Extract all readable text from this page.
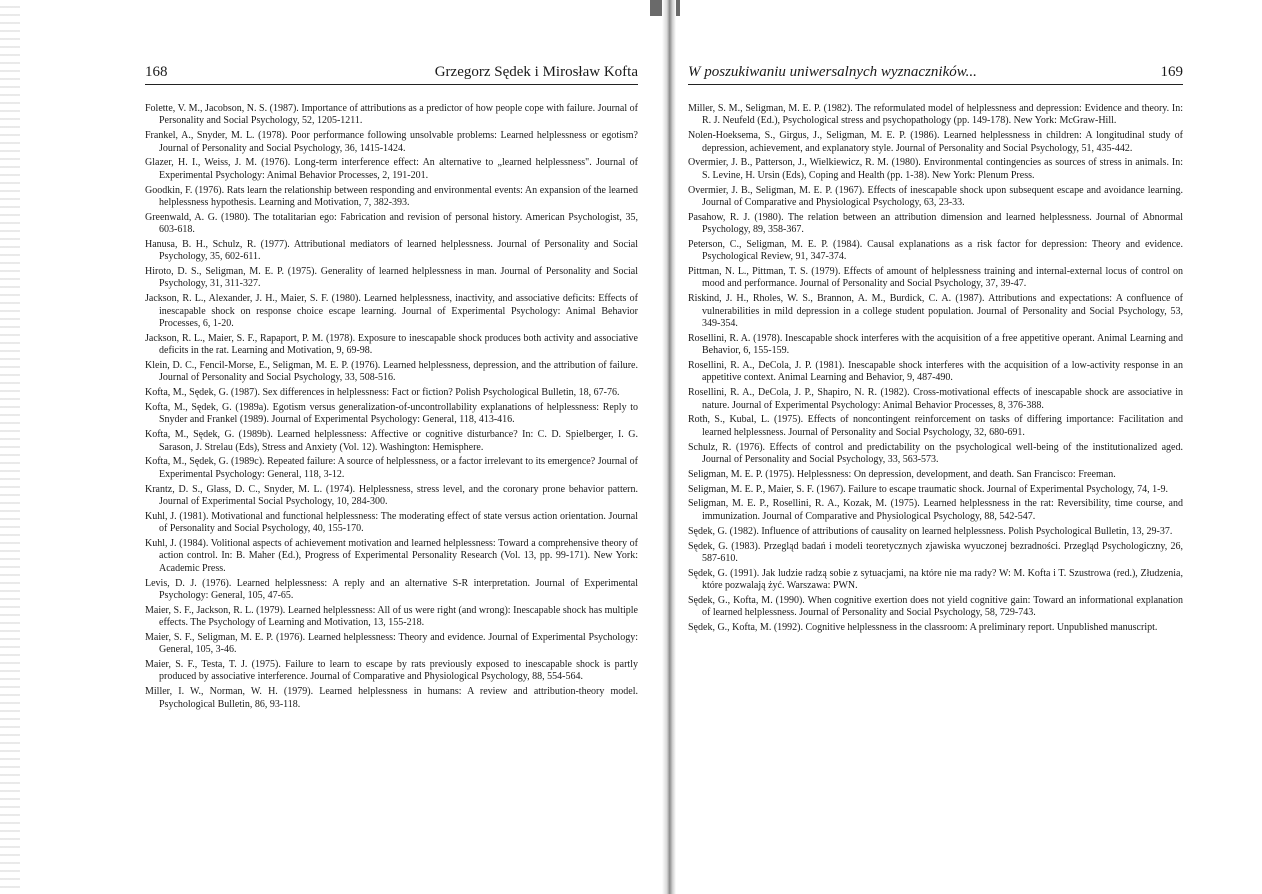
168	Grzegorz Sędek i Mirosław Kofta

Folette, V. M., Jacobson, N. S. (1987). Importance of attributions as a predictor of how people cope with failure. Journal of Personality and Social Psychology, 52, 1205-1211.

Frankel, A., Snyder, M. L. (1978). Poor performance following unsolvable problems: Learned helplessness or egotism? Journal of Personality and Social Psychology, 36, 1415-1424.

Glazer, H. I., Weiss, J. M. (1976). Long-term interference effect: An alternative to „learned helplessness". Journal of Experimental Psychology: Animal Behavior Processes, 2, 191-201.

Goodkin, F. (1976). Rats learn the relationship between responding and environmental events: An expansion of the learned helplessness hypothesis. Learning and Motivation, 7, 382-393.

Greenwald, A. G. (1980). The totalitarian ego: Fabrication and revision of personal history. American Psychologist, 35, 603-618.

Hanusa, B. H., Schulz, R. (1977). Attributional mediators of learned helplessness. Journal of Personality and Social Psychology, 35, 602-611.

Hiroto, D. S., Seligman, M. E. P. (1975). Generality of learned helplessness in man. Journal of Personality and Social Psychology, 31, 311-327.

Jackson, R. L., Alexander, J. H., Maier, S. F. (1980). Learned helplessness, inactivity, and associative deficits: Effects of inescapable shock on response choice escape learning. Journal of Experimental Psychology: Animal Behavior Processes, 6, 1-20.

Jackson, R. L., Maier, S. F., Rapaport, P. M. (1978). Exposure to inescapable shock produces both activity and associative deficits in the rat. Learning and Motivation, 9, 69-98.

Klein, D. C., Fencil-Morse, E., Seligman, M. E. P. (1976). Learned helplessness, depression, and the attribution of failure. Journal of Personality and Social Psychology, 33, 508-516.

Kofta, M., Sędek, G. (1987). Sex differences in helplessness: Fact or fiction? Polish Psychological Bulletin, 18, 67-76.

Kofta, M., Sędek, G. (1989a). Egotism versus generalization-of-uncontrollability explanations of helplessness: Reply to Snyder and Frankel (1989). Journal of Experimental Psychology: General, 118, 413-416.

Kofta, M., Sędek, G. (1989b). Learned helplessness: Affective or cognitive disturbance? In: C. D. Spielberger, I. G. Sarason, J. Strelau (Eds), Stress and Anxiety (Vol. 12). Washington: Hemisphere.

Kofta, M., Sędek, G. (1989c). Repeated failure: A source of helplessness, or a factor irrelevant to its emergence? Journal of Experimental Psychology: General, 118, 3-12.

Krantz, D. S., Glass, D. C., Snyder, M. L. (1974). Helplessness, stress level, and the coronary prone behavior pattern. Journal of Experimental Social Psychology, 10, 284-300.

Kuhl, J. (1981). Motivational and functional helplessness: The moderating effect of state versus action orientation. Journal of Personality and Social Psychology, 40, 155-170.

Kuhl, J. (1984). Volitional aspects of achievement motivation and learned helplessness: Toward a comprehensive theory of action control. In: B. Maher (Ed.), Progress of Experimental Personality Research (Vol. 13, pp. 99-171). New York: Academic Press.

Levis, D. J. (1976). Learned helplessness: A reply and an alternative S-R interpretation. Journal of Experimental Psychology: General, 105, 47-65.

Maier, S. F., Jackson, R. L. (1979). Learned helplessness: All of us were right (and wrong): Inescapable shock has multiple effects. The Psychology of Learning and Motivation, 13, 155-218.

Maier, S. F., Seligman, M. E. P. (1976). Learned helplessness: Theory and evidence. Journal of Experimental Psychology: General, 105, 3-46.

Maier, S. F., Testa, T. J. (1975). Failure to learn to escape by rats previously exposed to inescapable shock is partly produced by associative interference. Journal of Comparative and Physiological Psychology, 88, 554-564.

Miller, I. W., Norman, W. H. (1979). Learned helplessness in humans: A review and attribution-theory model. Psychological Bulletin, 86, 93-118.

W poszukiwaniu uniwersalnych wyznaczników...	169

Miller, S. M., Seligman, M. E. P. (1982). The reformulated model of helplessness and depression: Evidence and theory. In: R. J. Neufeld (Ed.), Psychological stress and psychopathology (pp. 149-178). New York: McGraw-Hill.

Nolen-Hoeksema, S., Girgus, J., Seligman, M. E. P. (1986). Learned helplessness in children: A longitudinal study of depression, achievement, and explanatory style. Journal of Personality and Social Psychology, 51, 435-442.

Overmier, J. B., Patterson, J., Wielkiewicz, R. M. (1980). Environmental contingencies as sources of stress in animals. In: S. Levine, H. Ursin (Eds), Coping and Health (pp. 1-38). New York: Plenum Press.

Overmier, J. B., Seligman, M. E. P. (1967). Effects of inescapable shock upon subsequent escape and avoidance learning. Journal of Comparative and Physiological Psychology, 63, 23-33.

Pasahow, R. J. (1980). The relation between an attribution dimension and learned helplessness. Journal of Abnormal Psychology, 89, 358-367.

Peterson, C., Seligman, M. E. P. (1984). Causal explanations as a risk factor for depression: Theory and evidence. Psychological Review, 91, 347-374.

Pittman, N. L., Pittman, T. S. (1979). Effects of amount of helplessness training and internal-external locus of control on mood and performance. Journal of Personality and Social Psychology, 37, 39-47.

Riskind, J. H., Rholes, W. S., Brannon, A. M., Burdick, C. A. (1987). Attributions and expectations: A confluence of vulnerabilities in mild depression in a college student population. Journal of Personality and Social Psychology, 53, 349-354.

Rosellini, R. A. (1978). Inescapable shock interferes with the acquisition of a free appetitive operant. Animal Learning and Behavior, 6, 155-159.

Rosellini, R. A., DeCola, J. P. (1981). Inescapable shock interferes with the acquisition of a low-activity response in an appetitive context. Animal Learning and Behavior, 9, 487-490.

Rosellini, R. A., DeCola, J. P., Shapiro, N. R. (1982). Cross-motivational effects of inescapable shock are associative in nature. Journal of Experimental Psychology: Animal Behavior Processes, 8, 376-388.

Roth, S., Kubal, L. (1975). Effects of noncontingent reinforcement on tasks of differing importance: Facilitation and learned helplessness. Journal of Personality and Social Psychology, 32, 680-691.

Schulz, R. (1976). Effects of control and predictability on the psychological well-being of the institutionalized aged. Journal of Personality and Social Psychology, 33, 563-573.

Seligman, M. E. P. (1975). Helplessness: On depression, development, and death. San Francisco: Freeman.

Seligman, M. E. P., Maier, S. F. (1967). Failure to escape traumatic shock. Journal of Experimental Psychology, 74, 1-9.

Seligman, M. E. P., Rosellini, R. A., Kozak, M. (1975). Learned helplessness in the rat: Reversibility, time course, and immunization. Journal of Comparative and Physiological Psychology, 88, 542-547.

Sędek, G. (1982). Influence of attributions of causality on learned helplessness. Polish Psychological Bulletin, 13, 29-37.

Sędek, G. (1983). Przegląd badań i modeli teoretycznych zjawiska wyuczonej bezradności. Przegląd Psychologiczny, 26, 587-610.

Sędek, G. (1991). Jak ludzie radzą sobie z sytuacjami, na które nie ma rady? W: M. Kofta i T. Szustrowa (red.), Złudzenia, które pozwalają żyć. Warszawa: PWN.

Sędek, G., Kofta, M. (1990). When cognitive exertion does not yield cognitive gain: Toward an informational explanation of learned helplessness. Journal of Personality and Social Psychology, 58, 729-743.

Sędek, G., Kofta, M. (1992). Cognitive helplessness in the classroom: A preliminary report. Unpublished manuscript.
